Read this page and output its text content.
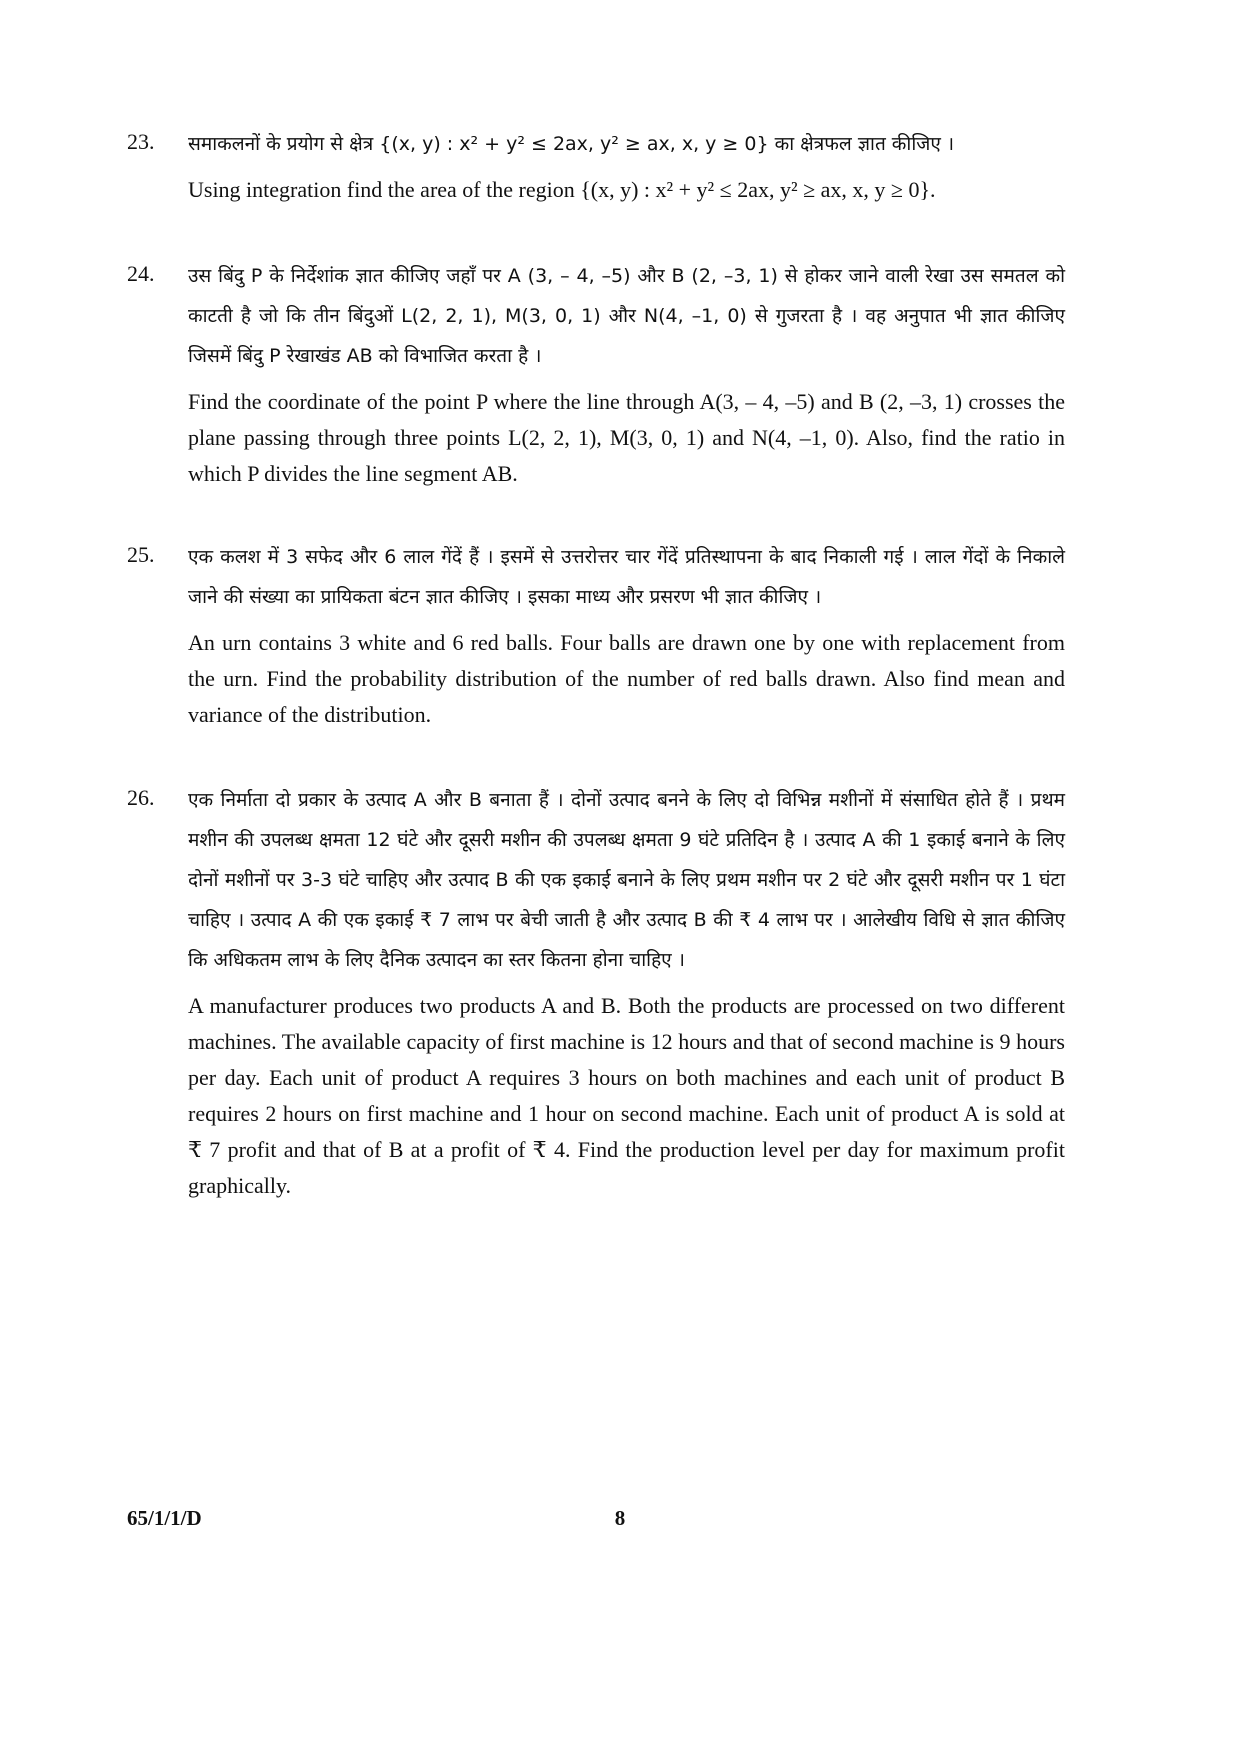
23. समाकलनों के प्रयोग से क्षेत्र {(x, y) : x² + y² ≤ 2ax, y² ≥ ax, x, y ≥ 0} का क्षेत्रफल ज्ञात कीजिए ।

Using integration find the area of the region {(x, y) : x² + y² ≤ 2ax, y² ≥ ax, x, y ≥ 0}.

24. उस बिंदु P के निर्देशांक ज्ञात कीजिए जहाँ पर A (3, – 4, –5) और B (2, –3, 1) से होकर जाने वाली रेखा उस समतल को काटती है जो कि तीन बिंदुओं L(2, 2, 1), M(3, 0, 1) और N(4, –1, 0) से गुजरता है । वह अनुपात भी ज्ञात कीजिए जिसमें बिंदु P रेखाखंड AB को विभाजित करता है ।

Find the coordinate of the point P where the line through A(3, – 4, –5) and B (2, –3, 1) crosses the plane passing through three points L(2, 2, 1), M(3, 0, 1) and N(4, –1, 0). Also, find the ratio in which P divides the line segment AB.

25. एक कलश में 3 सफेद और 6 लाल गेंदें हैं । इसमें से उत्तरोत्तर चार गेंदें प्रतिस्थापना के बाद निकाली गई । लाल गेंदों के निकाले जाने की संख्या का प्रायिकता बंटन ज्ञात कीजिए । इसका माध्य और प्रसरण भी ज्ञात कीजिए ।

An urn contains 3 white and 6 red balls. Four balls are drawn one by one with replacement from the urn. Find the probability distribution of the number of red balls drawn. Also find mean and variance of the distribution.

26. एक निर्माता दो प्रकार के उत्पाद A और B बनाता हैं । दोनों उत्पाद बनने के लिए दो विभिन्न मशीनों में संसाधित होते हैं । प्रथम मशीन की उपलब्ध क्षमता 12 घंटे और दूसरी मशीन की उपलब्ध क्षमता 9 घंटे प्रतिदिन है । उत्पाद A की 1 इकाई बनाने के लिए दोनों मशीनों पर 3-3 घंटे चाहिए और उत्पाद B की एक इकाई बनाने के लिए प्रथम मशीन पर 2 घंटे और दूसरी मशीन पर 1 घंटा चाहिए । उत्पाद A की एक इकाई ₹ 7 लाभ पर बेची जाती है और उत्पाद B की ₹ 4 लाभ पर । आलेखीय विधि से ज्ञात कीजिए कि अधिकतम लाभ के लिए दैनिक उत्पादन का स्तर कितना होना चाहिए ।

A manufacturer produces two products A and B. Both the products are processed on two different machines. The available capacity of first machine is 12 hours and that of second machine is 9 hours per day. Each unit of product A requires 3 hours on both machines and each unit of product B requires 2 hours on first machine and 1 hour on second machine. Each unit of product A is sold at ₹ 7 profit and that of B at a profit of ₹ 4. Find the production level per day for maximum profit graphically.

65/1/1/D	8
